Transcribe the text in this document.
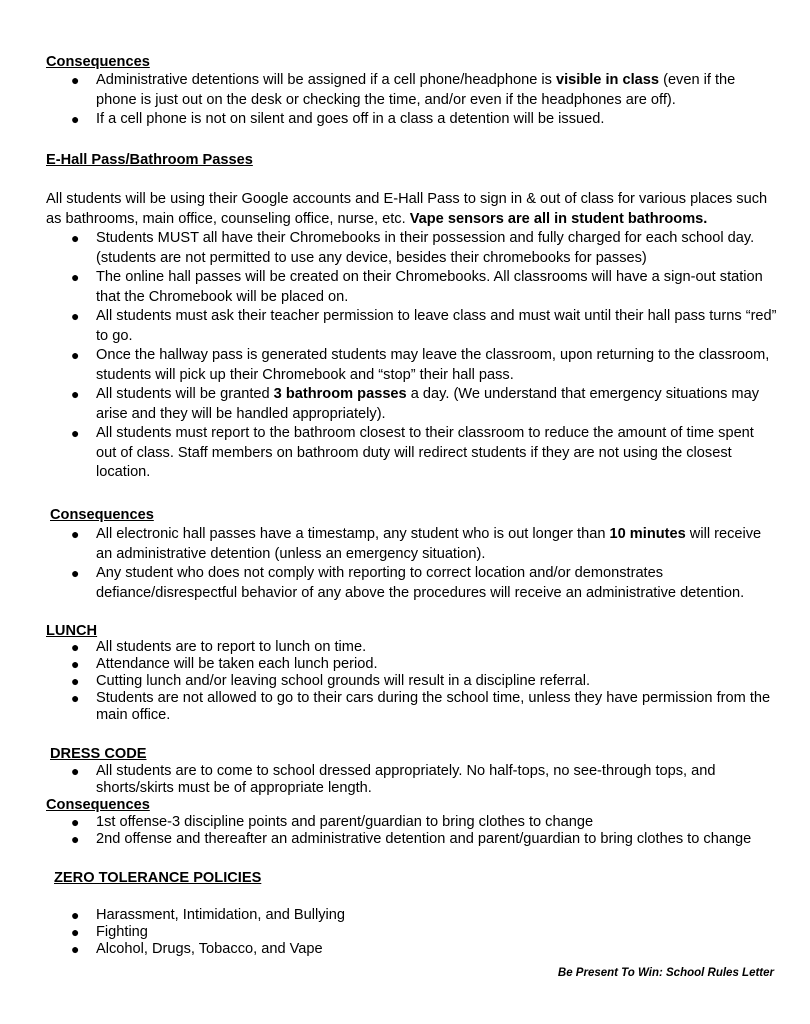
Consequences
● Administrative detentions will be assigned if a cell phone/headphone is visible in class (even if the phone is just out on the desk or checking the time, and/or even if the headphones are off).
● If a cell phone is not on silent and goes off in a class a detention will be issued.
E-Hall Pass/Bathroom Passes
All students will be using their Google accounts and E-Hall Pass to sign in & out of class for various places such as bathrooms, main office, counseling office, nurse, etc. Vape sensors are all in student bathrooms.
● Students MUST all have their Chromebooks in their possession and fully charged for each school day. (students are not permitted to use any device, besides their chromebooks for passes)
● The online hall passes will be created on their Chromebooks. All classrooms will have a sign-out station that the Chromebook will be placed on.
● All students must ask their teacher permission to leave class and must wait until their hall pass turns “red” to go.
● Once the hallway pass is generated students may leave the classroom, upon returning to the classroom, students will pick up their Chromebook and “stop” their hall pass.
● All students will be granted 3 bathroom passes a day. (We understand that emergency situations may arise and they will be handled appropriately).
● All students must report to the bathroom closest to their classroom to reduce the amount of time spent out of class. Staff members on bathroom duty will redirect students if they are not using the closest location.
Consequences
● All electronic hall passes have a timestamp, any student who is out longer than 10 minutes will receive an administrative detention (unless an emergency situation).
● Any student who does not comply with reporting to correct location and/or demonstrates defiance/disrespectful behavior of any above the procedures will receive an administrative detention.
LUNCH
● All students are to report to lunch on time.
● Attendance will be taken each lunch period.
● Cutting lunch and/or leaving school grounds will result in a discipline referral.
● Students are not allowed to go to their cars during the school time, unless they have permission from the main office.
DRESS CODE
● All students are to come to school dressed appropriately. No half-tops, no see-through tops, and shorts/skirts must be of appropriate length.
Consequences
● 1st offense-3 discipline points and parent/guardian to bring clothes to change
● 2nd offense and thereafter an administrative detention and parent/guardian to bring clothes to change
ZERO TOLERANCE POLICIES
● Harassment, Intimidation, and Bullying
● Fighting
● Alcohol, Drugs, Tobacco, and Vape
Be Present To Win: School Rules Letter
